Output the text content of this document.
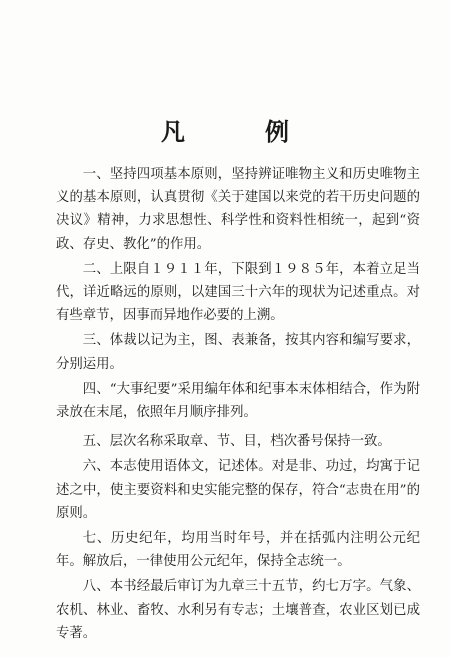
凡　例

一、坚持四项基本原则，坚持辨证唯物主义和历史唯物主义的基本原则，认真贯彻《关于建国以来党的若干历史问题的决议》精神，力求思想性、科学性和资料性相统一，起到“资政、存史、教化”的作用。

二、上限自１９１１年，下限到１９８５年，本着立足当代，详近略远的原则，以建国三十六年的现状为记述重点。对有些章节，因事而异地作必要的上溯。

三、体裁以记为主，图、表兼备，按其内容和编写要求，分别运用。

四、“大事纪要”采用编年体和纪事本末体相结合，作为附录放在末尾，依照年月顺序排列。

五、层次名称采取章、节、目，档次番号保持一致。

六、本志使用语体文，记述体。对是非、功过，均寓于记述之中，使主要资料和史实能完整的保存，符合“志贵在用”的原则。

七、历史纪年，均用当时年号，并在括弧内注明公元纪年。解放后，一律使用公元纪年，保持全志统一。

八、本书经最后审订为九章三十五节，约七万字。气象、农机、林业、畜牧、水利另有专志；土壤普查，农业区划已成专著。
